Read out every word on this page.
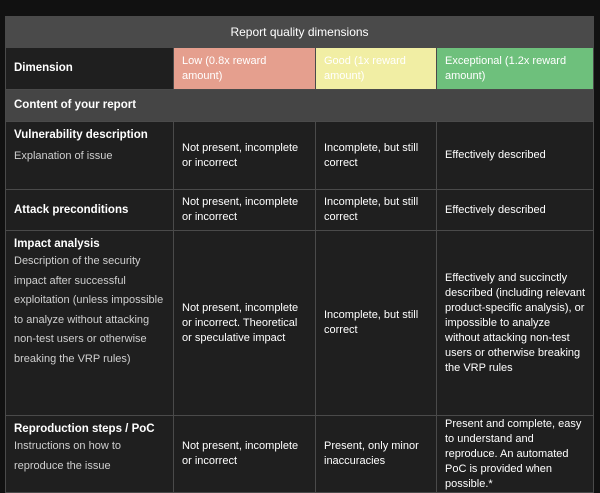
Report quality dimensions			
Dimension	Low (0.8x reward amount)	Good (1x reward amount)	Exceptional (1.2x reward amount)
Content of your report			

Vulnerability description
Explanation of issue	Not present, incomplete or incorrect	Incomplete, but still correct	Effectively described

Attack preconditions	Not present, incomplete or incorrect	Incomplete, but still correct	Effectively described

Impact analysis
Description of the security impact after successful exploitation (unless impossible to analyze without attacking non-test users or otherwise breaking the VRP rules)	Not present, incomplete or incorrect. Theoretical or speculative impact	Incomplete, but still correct	Effectively and succinctly described (including relevant product-specific analysis), or impossible to analyze without attacking non-test users or otherwise breaking the VRP rules

Reproduction steps / PoC
Instructions on how to reproduce the issue	Not present, incomplete or incorrect	Present, only minor inaccuracies	Present and complete, easy to understand and reproduce. An automated PoC is provided when possible.*
